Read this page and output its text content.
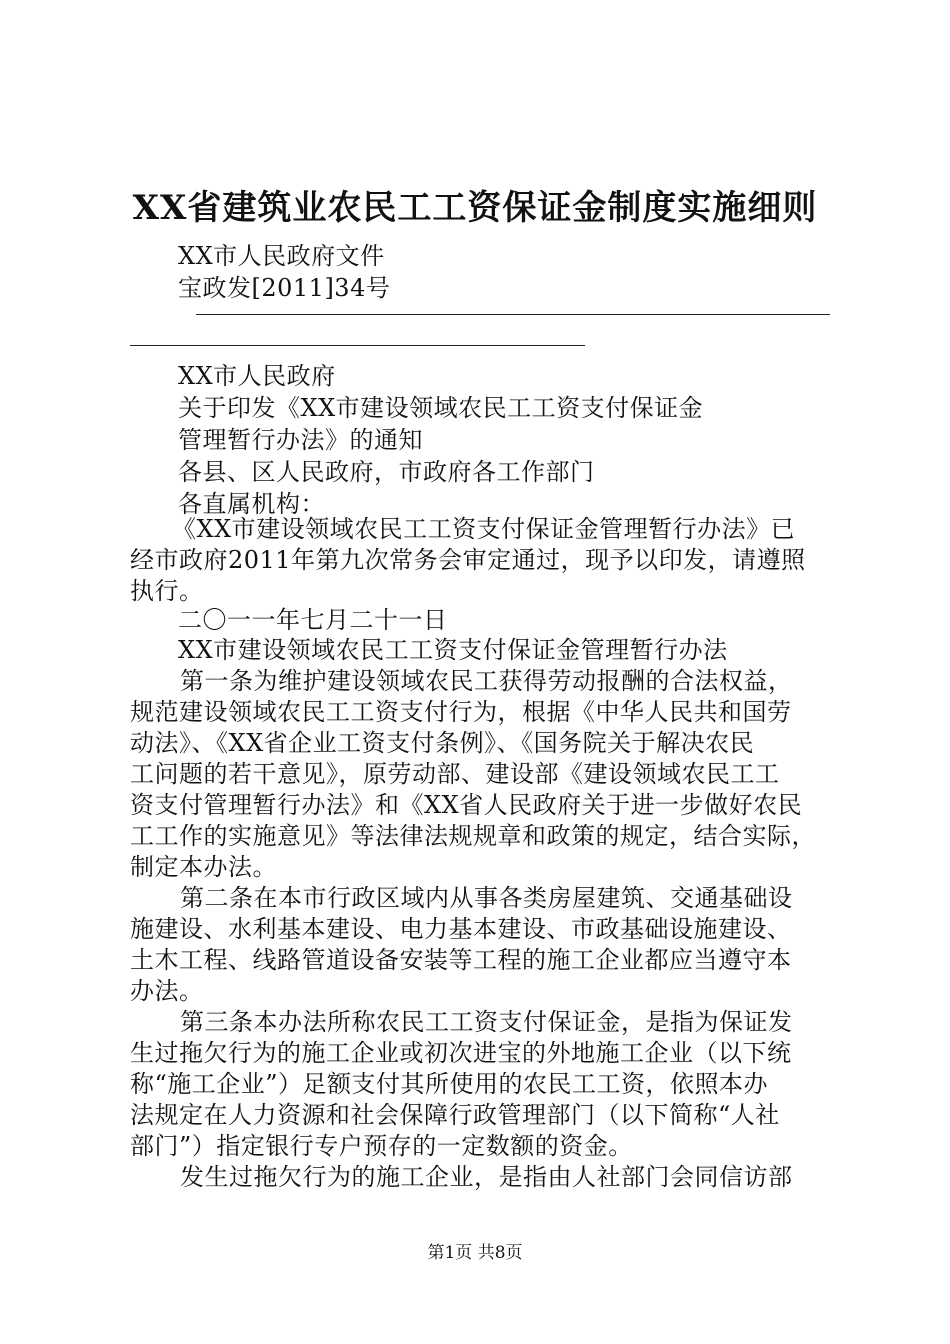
XX省建筑业农民工工资保证金制度实施细则
XX市人民政府文件
宝政发[2011]34号
XX市人民政府
关于印发《XX市建设领域农民工工资支付保证金
管理暂行办法》的通知
各县、区人民政府，市政府各工作部门
各直属机构：
《XX市建设领域农民工工资支付保证金管理暂行办法》已
经市政府2011年第九次常务会审定通过，现予以印发，请遵照
执行。
二〇一一年七月二十一日
XX市建设领域农民工工资支付保证金管理暂行办法
第一条为维护建设领域农民工获得劳动报酬的合法权益，
规范建设领域农民工工资支付行为，根据《中华人民共和国劳
动法》、《XX省企业工资支付条例》、《国务院关于解决农民
工问题的若干意见》，原劳动部、建设部《建设领域农民工工
资支付管理暂行办法》和《XX省人民政府关于进一步做好农民
工工作的实施意见》等法律法规规章和政策的规定，结合实际，
制定本办法。
第二条在本市行政区域内从事各类房屋建筑、交通基础设
施建设、水利基本建设、电力基本建设、市政基础设施建设、
土木工程、线路管道设备安装等工程的施工企业都应当遵守本
办法。
第三条本办法所称农民工工资支付保证金，是指为保证发
生过拖欠行为的施工企业或初次进宝的外地施工企业（以下统
称“施工企业”）足额支付其所使用的农民工工资，依照本办
法规定在人力资源和社会保障行政管理部门（以下简称“人社
部门”）指定银行专户预存的一定数额的资金。
发生过拖欠行为的施工企业，是指由人社部门会同信访部
第1页 共8页
